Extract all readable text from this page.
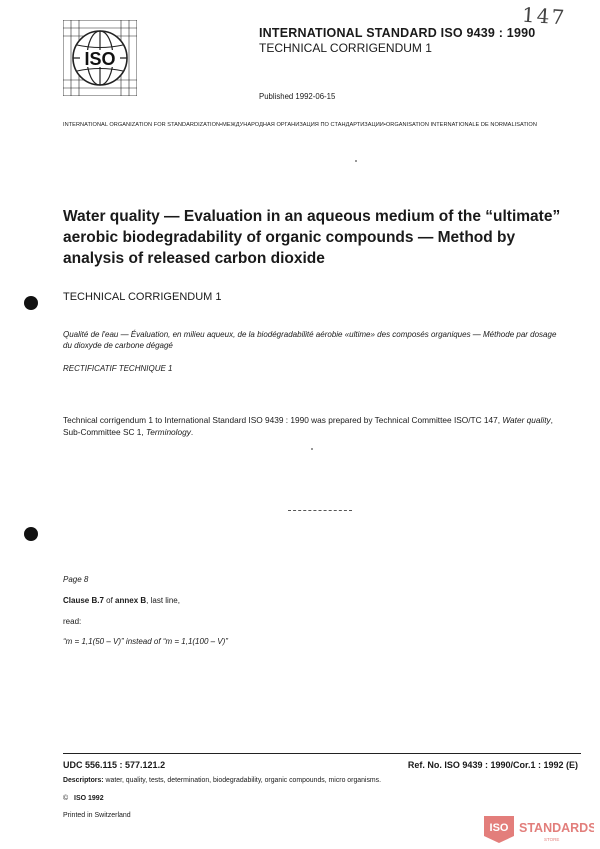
ISO
147
INTERNATIONAL STANDARD ISO 9439 : 1990
TECHNICAL CORRIGENDUM 1
Published 1992-06-15
INTERNATIONAL ORGANIZATION FOR STANDARDIZATION•МЕЖДУНАРОДНАЯ ОРГАНИЗАЦИЯ ПО СТАНДАРТИЗАЦИИ•ORGANISATION INTERNATIONALE DE NORMALISATION
Water quality — Evaluation in an aqueous medium of the “ultimate” aerobic biodegradability of organic compounds — Method by analysis of released carbon dioxide
TECHNICAL CORRIGENDUM 1
Qualité de l'eau — Évaluation, en milieu aqueux, de la biodégradabilité aérobie «ultime» des composés organiques — Méthode par dosage du dioxyde de carbone dégagé
RECTIFICATIF TECHNIQUE 1
Technical corrigendum 1 to International Standard ISO 9439 : 1990 was prepared by Technical Committee ISO/TC 147, Water quality, Sub-Committee SC 1, Terminology.
Page 8
Clause B.7 of annex B, last line,
read:
“m = 1,1(50 – V)” instead of “m = 1,1(100 – V)”
UDC 556.115 : 577.121.2	Ref. No. ISO 9439 : 1990/Cor.1 : 1992 (E)
Descriptors: water, quality, tests, determination, biodegradability, organic compounds, micro organisms.
© ISO 1992
Printed in Switzerland
ISO STANDARDS
STORE
